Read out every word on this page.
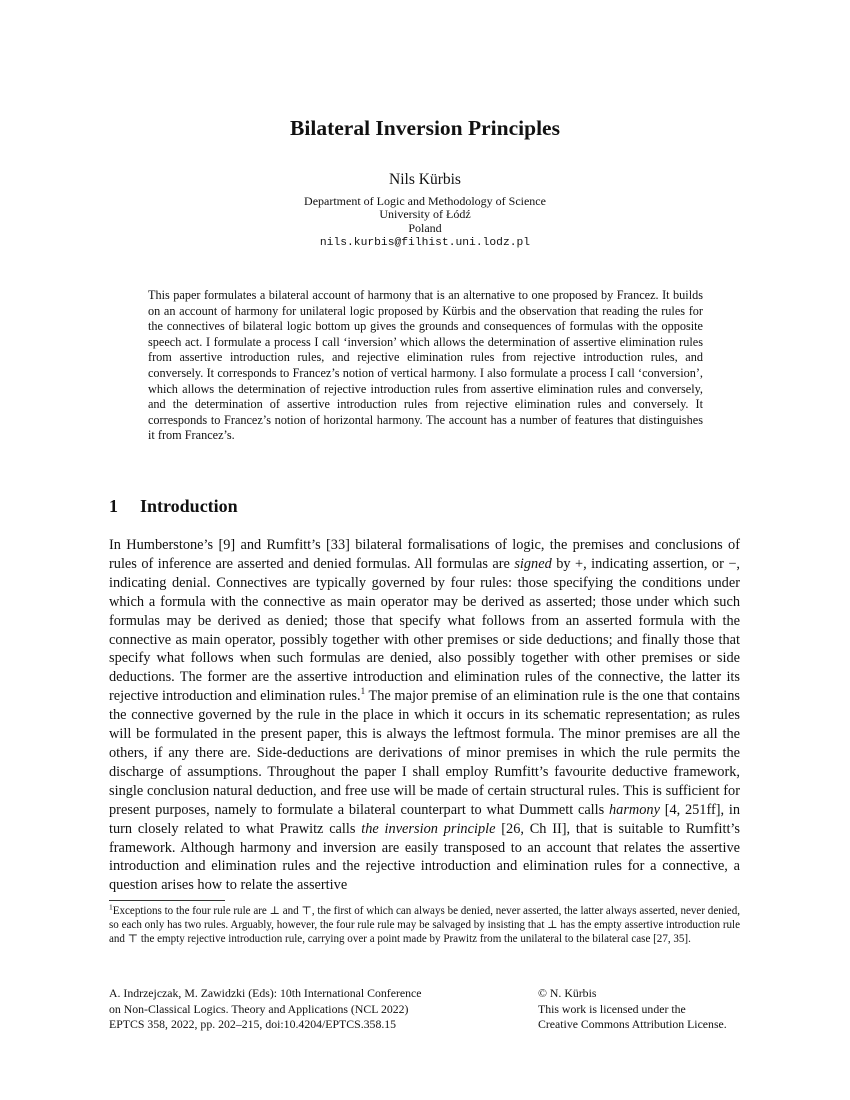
Bilateral Inversion Principles
Nils Kürbis
Department of Logic and Methodology of Science
University of Łódź
Poland
nils.kurbis@filhist.uni.lodz.pl
This paper formulates a bilateral account of harmony that is an alternative to one proposed by Francez. It builds on an account of harmony for unilateral logic proposed by Kürbis and the observation that reading the rules for the connectives of bilateral logic bottom up gives the grounds and consequences of formulas with the opposite speech act. I formulate a process I call ‘inversion’ which allows the determination of assertive elimination rules from assertive introduction rules, and rejective elimination rules from rejective introduction rules, and conversely. It corresponds to Francez’s notion of vertical harmony. I also formulate a process I call ‘conversion’, which allows the determination of rejective introduction rules from assertive elimination rules and conversely, and the determination of assertive introduction rules from rejective elimination rules and conversely. It corresponds to Francez’s notion of horizontal harmony. The account has a number of features that distinguishes it from Francez’s.
1 Introduction
In Humberstone’s [9] and Rumfitt’s [33] bilateral formalisations of logic, the premises and conclusions of rules of inference are asserted and denied formulas. All formulas are signed by +, indicating assertion, or −, indicating denial. Connectives are typically governed by four rules: those specifying the conditions under which a formula with the connective as main operator may be derived as asserted; those under which such formulas may be derived as denied; those that specify what follows from an asserted formula with the connective as main operator, possibly together with other premises or side deductions; and finally those that specify what follows when such formulas are denied, also possibly together with other premises or side deductions. The former are the assertive introduction and elimination rules of the connective, the latter its rejective introduction and elimination rules.$^1$ The major premise of an elimination rule is the one that contains the connective governed by the rule in the place in which it occurs in its schematic representation; as rules will be formulated in the present paper, this is always the leftmost formula. The minor premises are all the others, if any there are. Side-deductions are derivations of minor premises in which the rule permits the discharge of assumptions. Throughout the paper I shall employ Rumfitt’s favourite deductive framework, single conclusion natural deduction, and free use will be made of certain structural rules. This is sufficient for present purposes, namely to formulate a bilateral counterpart to what Dummett calls harmony [4, 251ff], in turn closely related to what Prawitz calls the inversion principle [26, Ch II], that is suitable to Rumfitt’s framework. Although harmony and inversion are easily transposed to an account that relates the assertive introduction and elimination rules and the rejective introduction and elimination rules for a connective, a question arises how to relate the assertive
$^1$Exceptions to the four rule rule are ⊥ and ⊤, the first of which can always be denied, never asserted, the latter always asserted, never denied, so each only has two rules. Arguably, however, the four rule rule may be salvaged by insisting that ⊥ has the empty assertive introduction rule and ⊤ the empty rejective introduction rule, carrying over a point made by Prawitz from the unilateral to the bilateral case [27, 35].
A. Indrzejczak, M. Zawidzki (Eds): 10th International Conference
on Non-Classical Logics. Theory and Applications (NCL 2022)
EPTCS 358, 2022, pp. 202–215, doi:10.4204/EPTCS.358.15
© N. Kürbis
This work is licensed under the
Creative Commons Attribution License.
